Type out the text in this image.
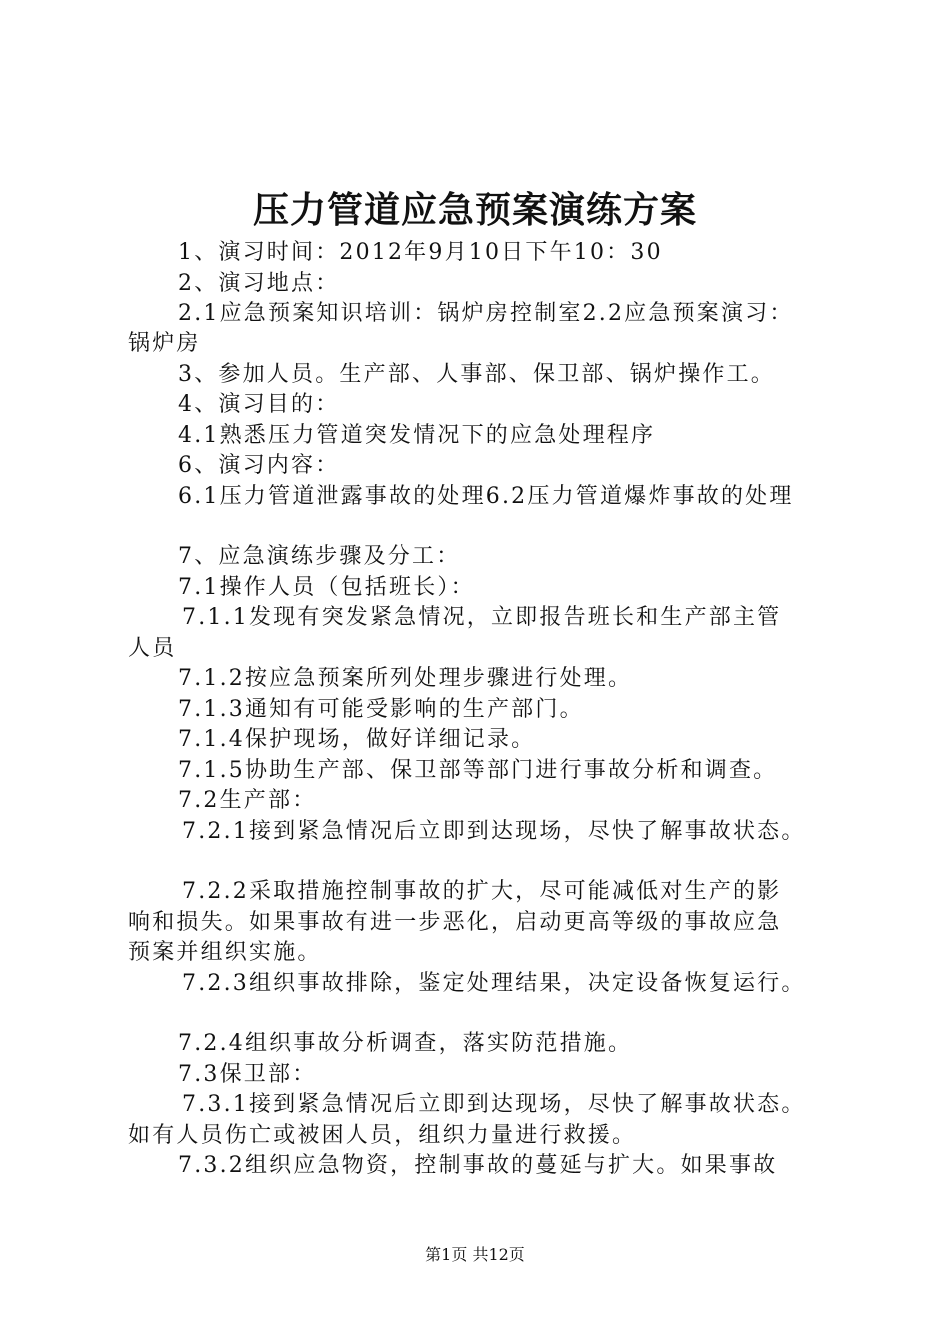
压力管道应急预案演练方案
1、演习时间：2012年9月10日下午10：30
2、演习地点：
2.1应急预案知识培训：锅炉房控制室2.2应急预案演习：
锅炉房
3、参加人员。生产部、人事部、保卫部、锅炉操作工。
4、演习目的：
4.1熟悉压力管道突发情况下的应急处理程序
6、演习内容：
6.1压力管道泄露事故的处理6.2压力管道爆炸事故的处理
7、应急演练步骤及分工：
7.1操作人员（包括班长）：
7.1.1发现有突发紧急情况，立即报告班长和生产部主管
人员
7.1.2按应急预案所列处理步骤进行处理。
7.1.3通知有可能受影响的生产部门。
7.1.4保护现场，做好详细记录。
7.1.5协助生产部、保卫部等部门进行事故分析和调查。
7.2生产部：
7.2.1接到紧急情况后立即到达现场，尽快了解事故状态。
7.2.2采取措施控制事故的扩大，尽可能减低对生产的影
响和损失。如果事故有进一步恶化，启动更高等级的事故应急
预案并组织实施。
7.2.3组织事故排除，鉴定处理结果，决定设备恢复运行。
7.2.4组织事故分析调查，落实防范措施。
7.3保卫部：
7.3.1接到紧急情况后立即到达现场，尽快了解事故状态。
如有人员伤亡或被困人员，组织力量进行救援。
7.3.2组织应急物资，控制事故的蔓延与扩大。如果事故
第1页 共12页
